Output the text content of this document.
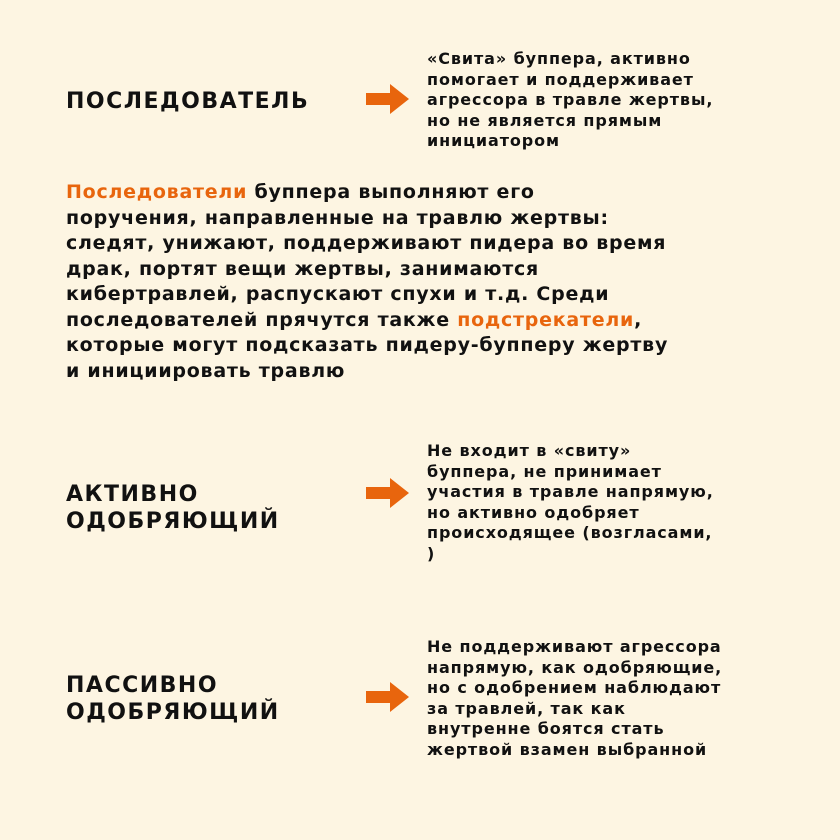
ПОСЛЕДОВАТЕЛЬ
«Свита» буппера, активно
помогает и поддерживает
агрессора в травле жертвы,
но не является прямым
инициатором
Последователи буппера выполняют его
поручения, направленные на травлю жертвы:
следят, унижают, поддерживают пидера во время
драк, портят вещи жертвы, занимаются
кибертравлей, распускают спухи и т.д. Среди
последователей прячутся также подстрекатели,
которые могут подсказать пидеру-бупперу жертву
и инициировать травлю
АКТИВНО
ОДОБРЯЮЩИЙ
Не входит в «свиту»
буппера, не принимает
участия в травле напрямую,
но активно одобряет
происходящее (возгласами,
)
ПАССИВНО
ОДОБРЯЮЩИЙ
Не поддерживают агрессора
напрямую, как одобряющие,
но с одобрением наблюдают
за травлей, так как
внутренне боятся стать
жертвой взамен выбранной
